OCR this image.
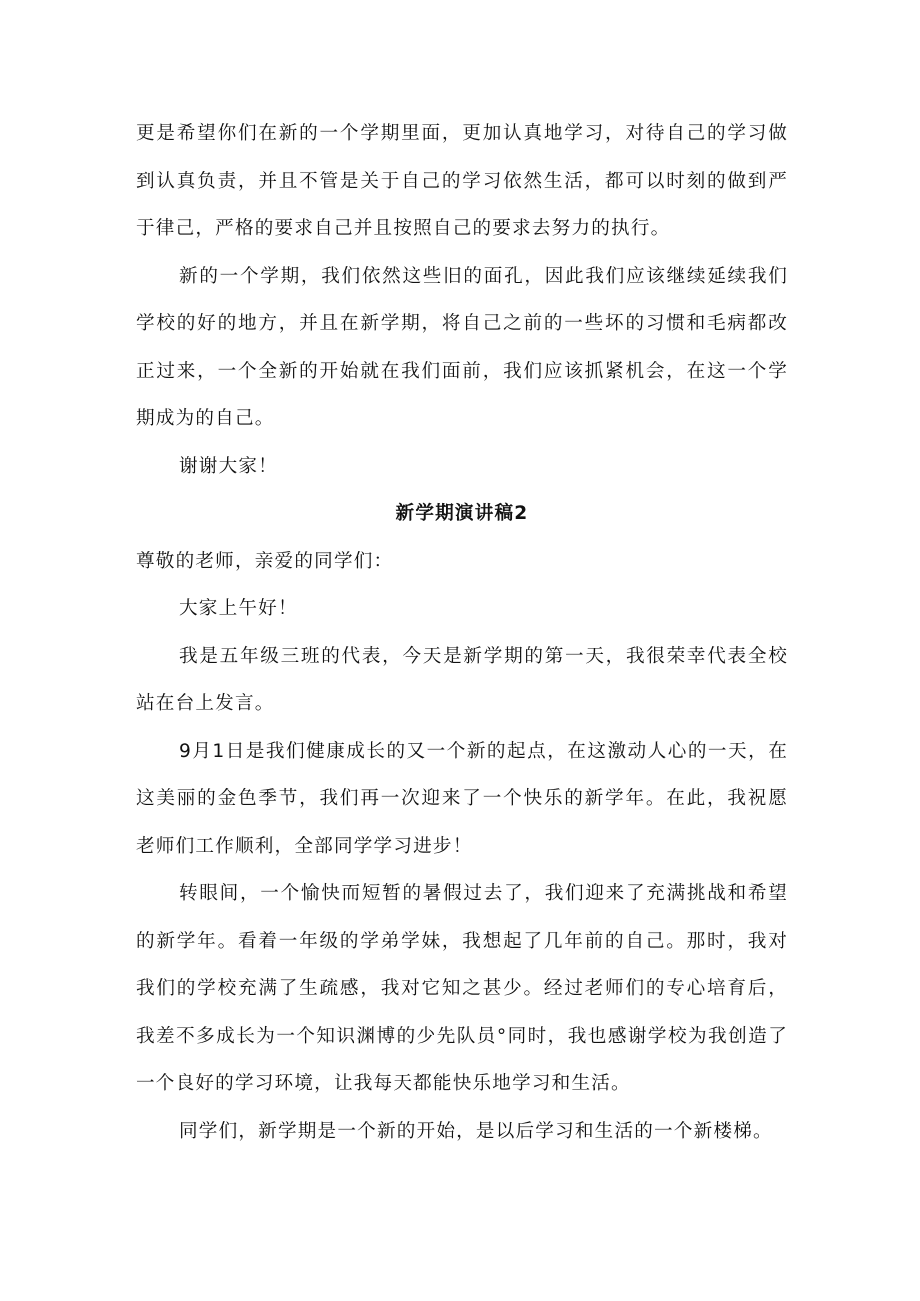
更是希望你们在新的一个学期里面，更加认真地学习，对待自己的学习做到认真负责，并且不管是关于自己的学习依然生活，都可以时刻的做到严于律己，严格的要求自己并且按照自己的要求去努力的执行。

新的一个学期，我们依然这些旧的面孔，因此我们应该继续延续我们学校的好的地方，并且在新学期，将自己之前的一些坏的习惯和毛病都改正过来，一个全新的开始就在我们面前，我们应该抓紧机会，在这一个学期成为的自己。

谢谢大家！

新学期演讲稿2

尊敬的老师，亲爱的同学们：

大家上午好！

我是五年级三班的代表，今天是新学期的第一天，我很荣幸代表全校站在台上发言。

9月1日是我们健康成长的又一个新的起点，在这激动人心的一天，在这美丽的金色季节，我们再一次迎来了一个快乐的新学年。在此，我祝愿老师们工作顺利，全部同学学习进步！

转眼间，一个愉快而短暂的暑假过去了，我们迎来了充满挑战和希望的新学年。看着一年级的学弟学妹，我想起了几年前的自己。那时，我对我们的学校充满了生疏感，我对它知之甚少。经过老师们的专心培育后，我差不多成长为一个知识渊博的少先队员°同时，我也感谢学校为我创造了一个良好的学习环境，让我每天都能快乐地学习和生活。

同学们，新学期是一个新的开始，是以后学习和生活的一个新楼梯。
